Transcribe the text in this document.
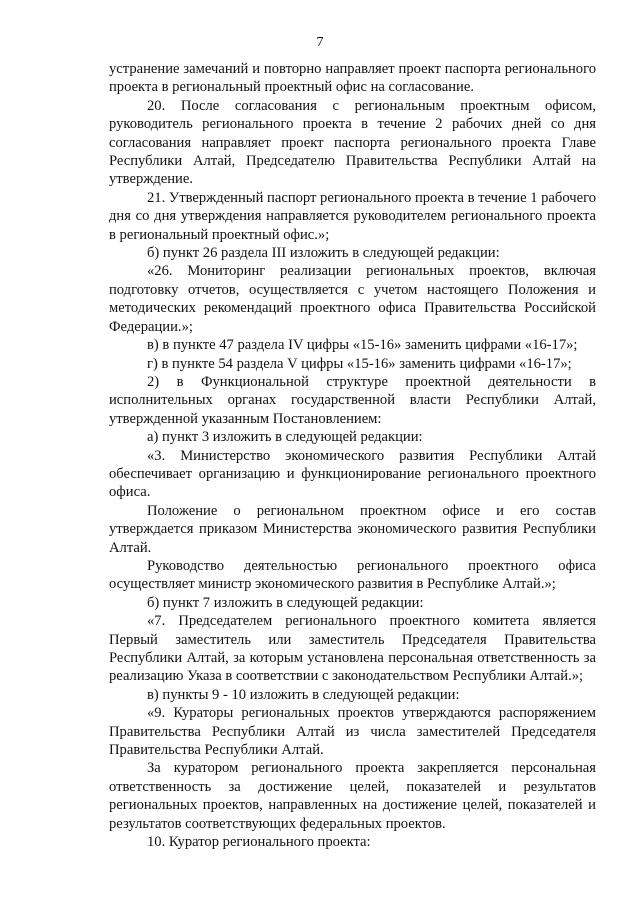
7

устранение замечаний и повторно направляет проект паспорта регионального проекта в региональный проектный офис на согласование.

20. После согласования с региональным проектным офисом, руководитель регионального проекта в течение 2 рабочих дней со дня согласования направляет проект паспорта регионального проекта Главе Республики Алтай, Председателю Правительства Республики Алтай на утверждение.

21. Утвержденный паспорт регионального проекта в течение 1 рабочего дня со дня утверждения направляется руководителем регионального проекта в региональный проектный офис.»;

б) пункт 26 раздела III изложить в следующей редакции:

«26. Мониторинг реализации региональных проектов, включая подготовку отчетов, осуществляется с учетом настоящего Положения и методических рекомендаций проектного офиса Правительства Российской Федерации.»;

в) в пункте 47 раздела IV цифры «15-16» заменить цифрами «16-17»;

г) в пункте 54 раздела V цифры «15-16» заменить цифрами «16-17»;

2) в Функциональной структуре проектной деятельности в исполнительных органах государственной власти Республики Алтай, утвержденной указанным Постановлением:

а) пункт 3 изложить в следующей редакции:

«3. Министерство экономического развития Республики Алтай обеспечивает организацию и функционирование регионального проектного офиса.

Положение о региональном проектном офисе и его состав утверждается приказом Министерства экономического развития Республики Алтай.

Руководство деятельностью регионального проектного офиса осуществляет министр экономического развития в Республике Алтай.»;

б) пункт 7 изложить в следующей редакции:

«7. Председателем регионального проектного комитета является Первый заместитель или заместитель Председателя Правительства Республики Алтай, за которым установлена персональная ответственность за реализацию Указа в соответствии с законодательством Республики Алтай.»;

в) пункты 9 - 10 изложить в следующей редакции:

«9. Кураторы региональных проектов утверждаются распоряжением Правительства Республики Алтай из числа заместителей Председателя Правительства Республики Алтай.

За куратором регионального проекта закрепляется персональная ответственность за достижение целей, показателей и результатов региональных проектов, направленных на достижение целей, показателей и результатов соответствующих федеральных проектов.

10. Куратор регионального проекта:
